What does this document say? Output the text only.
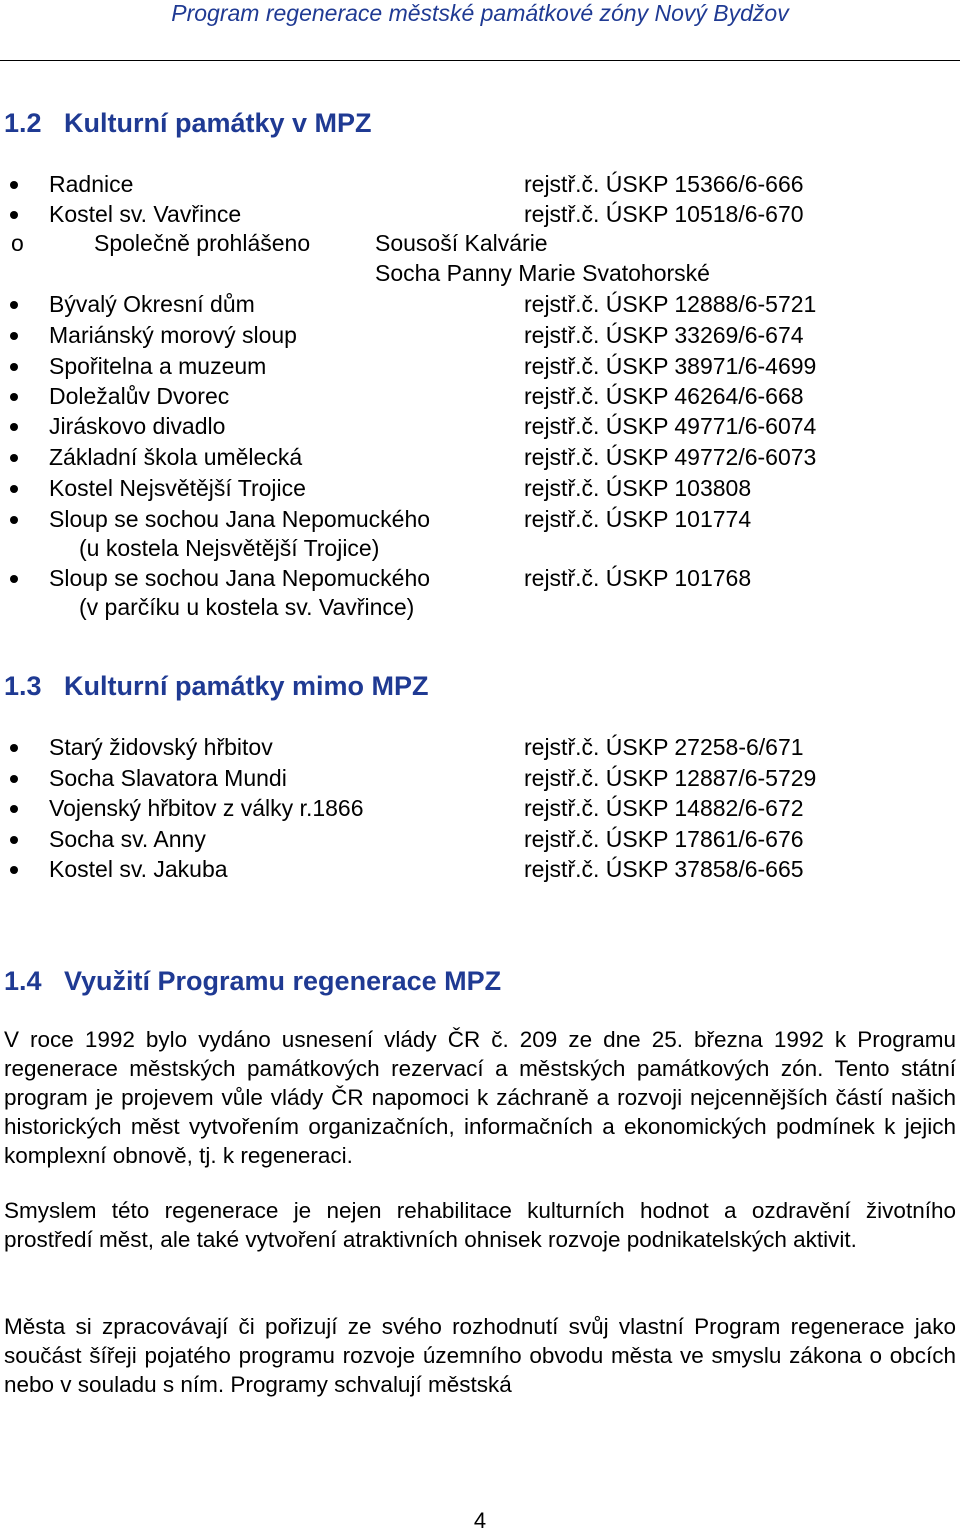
Program regenerace městské památkové zóny Nový Bydžov
1.2 Kulturní památky v MPZ
Radnice	rejstř.č. ÚSKP 15366/6-666
Kostel sv. Vavřince	rejstř.č. ÚSKP 10518/6-670
o	Společně prohlášeno	Sousoší Kalvárie
Socha Panny Marie Svatohorské
Bývalý Okresní dům	rejstř.č. ÚSKP 12888/6-5721
Mariánský morový sloup	rejstř.č. ÚSKP 33269/6-674
Spořitelna a muzeum	rejstř.č. ÚSKP 38971/6-4699
Doležalův Dvorec	rejstř.č. ÚSKP 46264/6-668
Jiráskovo divadlo	rejstř.č. ÚSKP 49771/6-6074
Základní škola umělecká	rejstř.č. ÚSKP 49772/6-6073
Kostel Nejsvětější Trojice	rejstř.č. ÚSKP 103808
Sloup se sochou Jana Nepomuckého	rejstř.č. ÚSKP 101774
(u kostela Nejsvětější Trojice)
Sloup se sochou Jana Nepomuckého	rejstř.č. ÚSKP 101768
(v parčíku u kostela sv. Vavřince)
1.3 Kulturní památky mimo MPZ
Starý židovský hřbitov	rejstř.č. ÚSKP 27258-6/671
Socha Slavatora Mundi	rejstř.č. ÚSKP 12887/6-5729
Vojenský hřbitov z války r.1866	rejstř.č. ÚSKP 14882/6-672
Socha sv. Anny	rejstř.č. ÚSKP 17861/6-676
Kostel sv. Jakuba	rejstř.č. ÚSKP 37858/6-665
1.4 Využití Programu regenerace MPZ

V roce 1992 bylo vydáno usnesení vlády ČR č. 209 ze dne 25. března 1992 k Programu regenerace městských památkových rezervací a městských památkových zón. Tento státní program je projevem vůle vlády ČR napomoci k záchraně a rozvoji nejcennějších částí našich historických měst vytvořením organizačních, informačních a ekonomických podmínek k jejich komplexní obnově, tj. k regeneraci.

Smyslem této regenerace je nejen rehabilitace kulturních hodnot a ozdravění životního prostředí měst, ale také vytvoření atraktivních ohnisek rozvoje podnikatelských aktivit.

Města si zpracovávají či pořizují ze svého rozhodnutí svůj vlastní Program regenerace jako součást šířeji pojatého programu rozvoje územního obvodu města ve smyslu zákona o obcích nebo v souladu s ním. Programy schvalují městská

4
